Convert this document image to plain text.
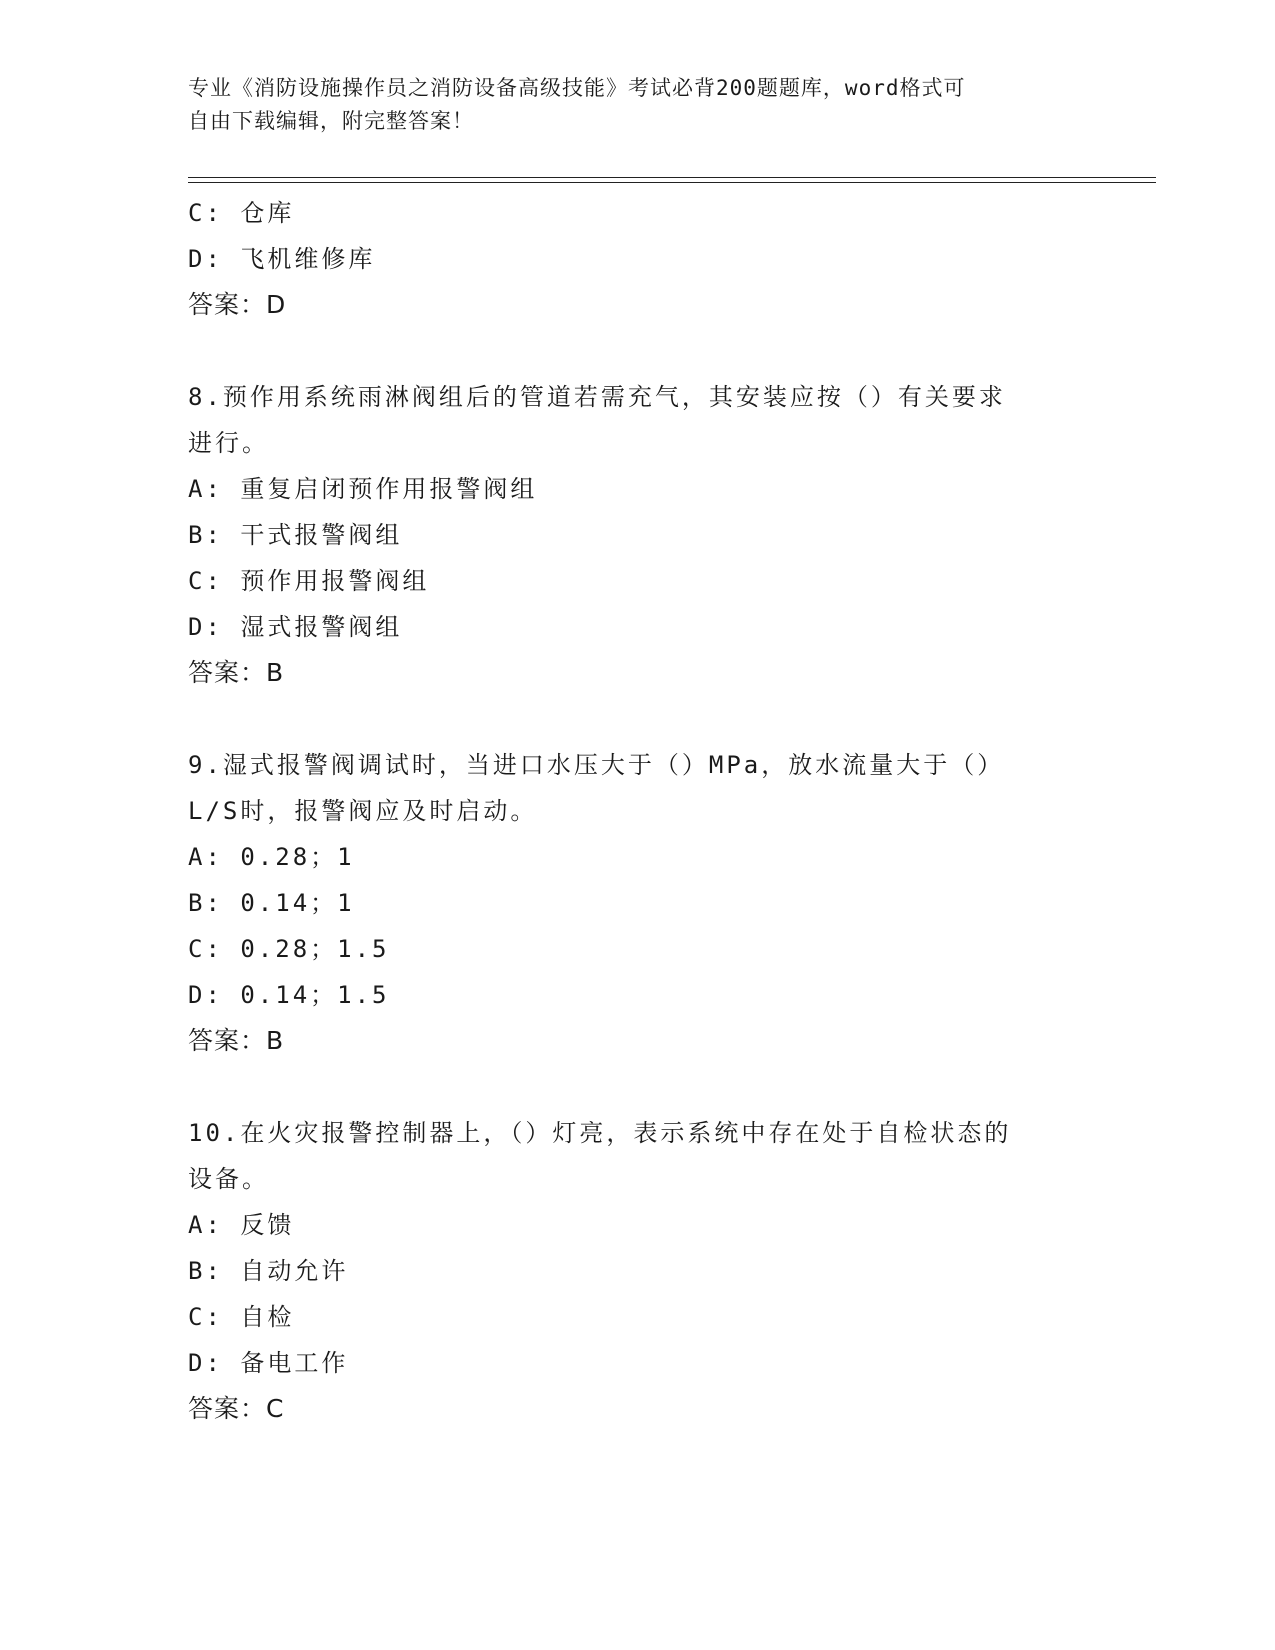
专业《消防设施操作员之消防设备高级技能》考试必背200题题库，word格式可
自由下载编辑，附完整答案！
C: 仓库
D: 飞机维修库
答案：D
8.预作用系统雨淋阀组后的管道若需充气，其安装应按（）有关要求
进行。
A: 重复启闭预作用报警阀组
B: 干式报警阀组
C: 预作用报警阀组
D: 湿式报警阀组
答案：B
9.湿式报警阀调试时，当进口水压大于（）MPa，放水流量大于（）
L/S时，报警阀应及时启动。
A: 0.28；1
B: 0.14；1
C: 0.28；1.5
D: 0.14；1.5
答案：B
10.在火灾报警控制器上，（）灯亮，表示系统中存在处于自检状态的
设备。
A: 反馈
B: 自动允许
C: 自检
D: 备电工作
答案：C
